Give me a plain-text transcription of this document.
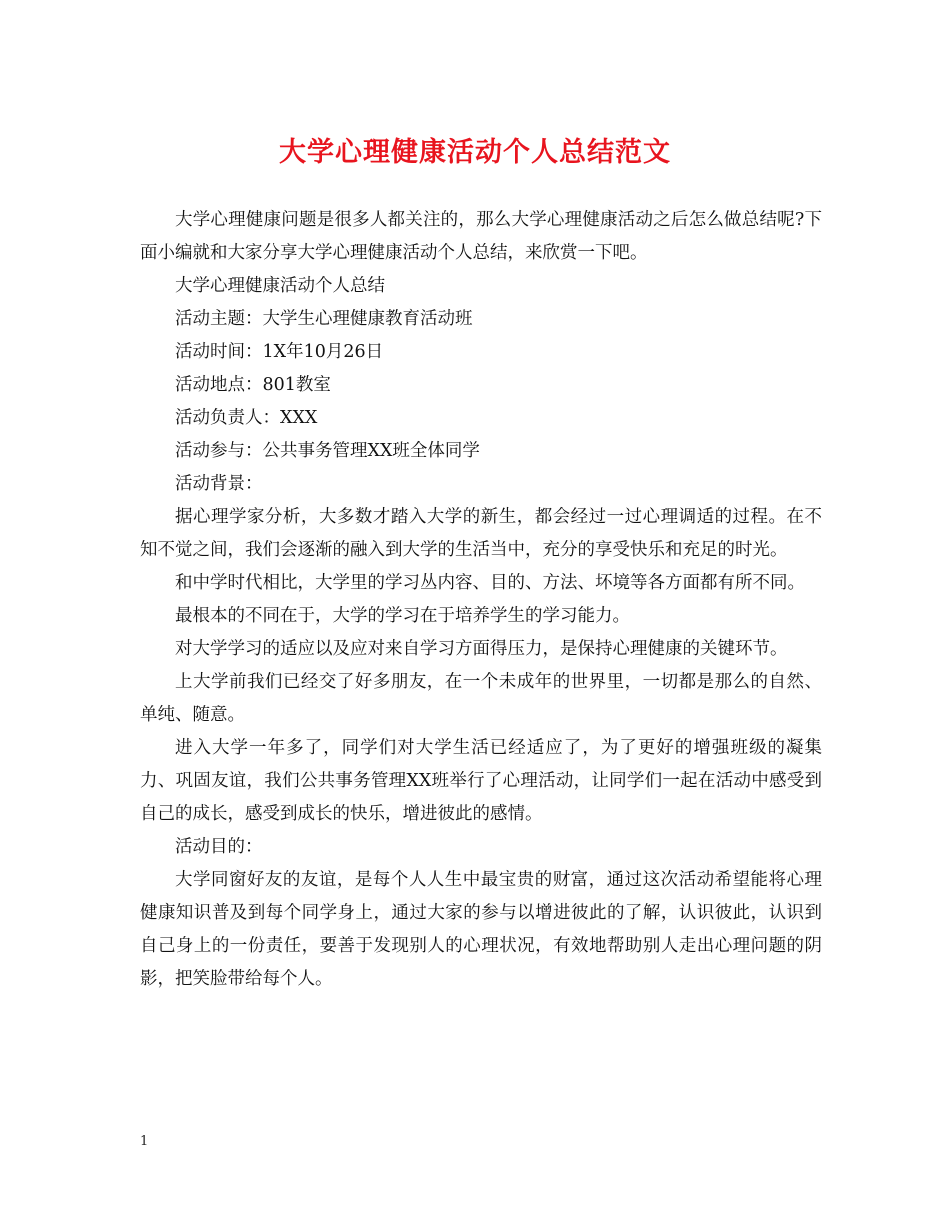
大学心理健康活动个人总结范文

大学心理健康问题是很多人都关注的，那么大学心理健康活动之后怎么做总结呢?下面小编就和大家分享大学心理健康活动个人总结，来欣赏一下吧。

大学心理健康活动个人总结

活动主题：大学生心理健康教育活动班

活动时间：1X年10月26日

活动地点：801教室

活动负责人：XXX

活动参与：公共事务管理XX班全体同学

活动背景：

据心理学家分析，大多数才踏入大学的新生，都会经过一过心理调适的过程。在不知不觉之间，我们会逐渐的融入到大学的生活当中，充分的享受快乐和充足的时光。

和中学时代相比，大学里的学习丛内容、目的、方法、坏境等各方面都有所不同。

最根本的不同在于，大学的学习在于培养学生的学习能力。

对大学学习的适应以及应对来自学习方面得压力，是保持心理健康的关键环节。

上大学前我们已经交了好多朋友，在一个未成年的世界里，一切都是那么的自然、单纯、随意。

进入大学一年多了，同学们对大学生活已经适应了，为了更好的增强班级的凝集力、巩固友谊，我们公共事务管理XX班举行了心理活动，让同学们一起在活动中感受到自己的成长，感受到成长的快乐，增进彼此的感情。

活动目的：

大学同窗好友的友谊，是每个人人生中最宝贵的财富，通过这次活动希望能将心理健康知识普及到每个同学身上，通过大家的参与以增进彼此的了解，认识彼此，认识到自己身上的一份责任，要善于发现别人的心理状况，有效地帮助别人走出心理问题的阴影，把笑脸带给每个人。

1
